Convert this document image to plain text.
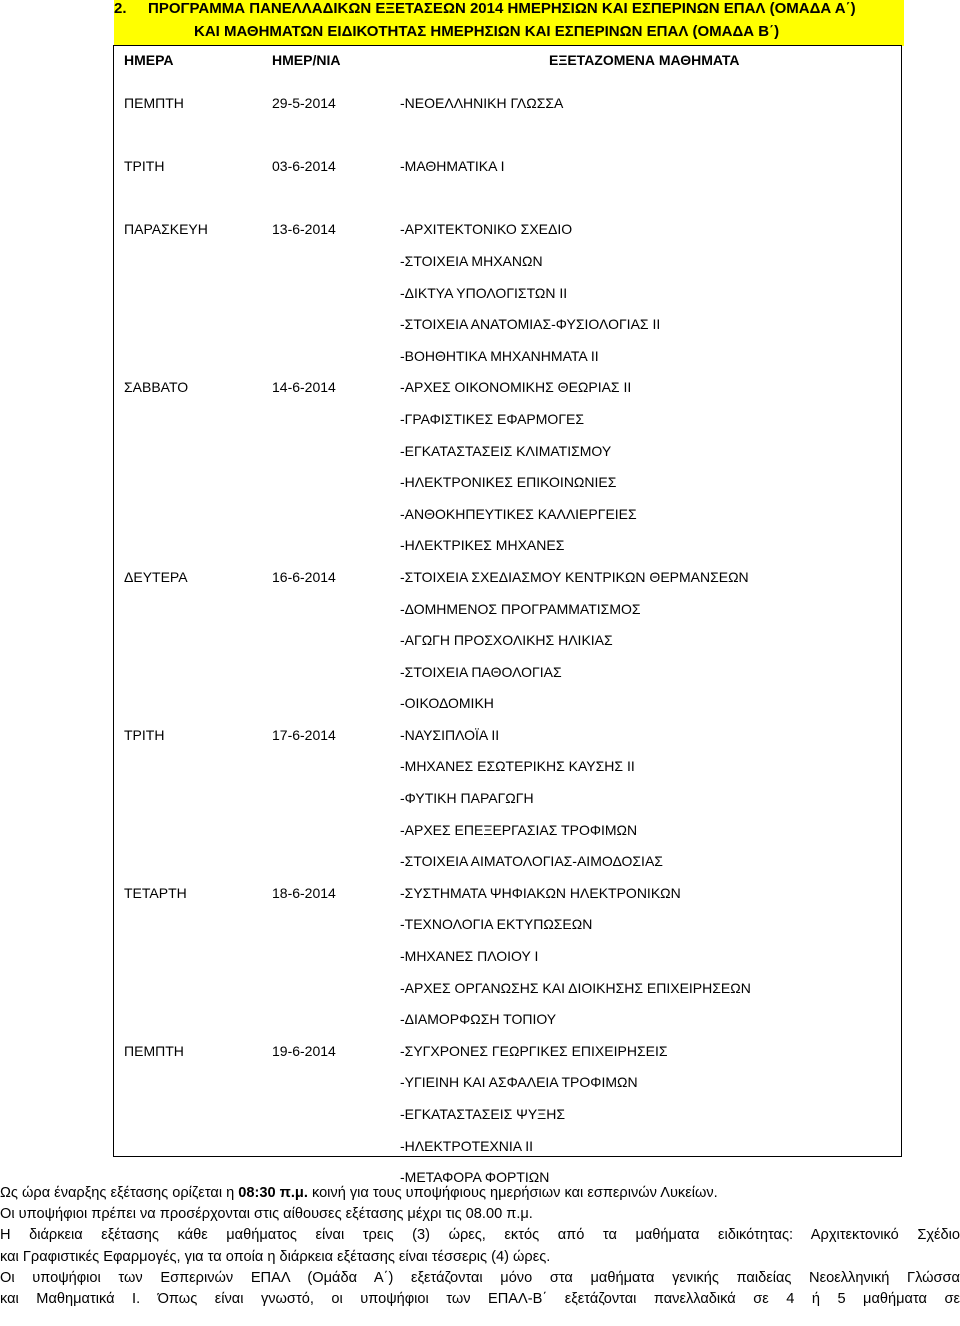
2. ΠΡΟΓΡΑΜΜΑ ΠΑΝΕΛΛΑΔΙΚΩΝ ΕΞΕΤΑΣΕΩΝ 2014 ΗΜΕΡΗΣΙΩΝ ΚΑΙ ΕΣΠΕΡΙΝΩΝ ΕΠΑΛ (ΟΜΑΔΑ Α΄)
ΚΑΙ ΜΑΘΗΜΑΤΩΝ ΕΙΔΙΚΟΤΗΤΑΣ ΗΜΕΡΗΣΙΩΝ ΚΑΙ ΕΣΠΕΡΙΝΩΝ ΕΠΑΛ (ΟΜΑΔΑ Β΄)
ΗΜΕΡΑ	ΗΜΕΡ/ΝΙΑ	ΕΞΕΤΑΖΟΜΕΝΑ ΜΑΘΗΜΑΤΑ
ΠΕΜΠΤΗ	29-5-2014	-ΝΕΟΕΛΛΗΝΙΚΗ ΓΛΩΣΣΑ
ΤΡΙΤΗ	03-6-2014	-ΜΑΘΗΜΑΤΙΚΑ Ι
ΠΑΡΑΣΚΕΥΗ	13-6-2014	-ΑΡΧΙΤΕΚΤΟΝΙΚΟ ΣΧΕΔΙΟ
-ΣΤΟΙΧΕΙΑ ΜΗΧΑΝΩΝ
-ΔΙΚΤΥΑ ΥΠΟΛΟΓΙΣΤΩΝ ΙΙ
-ΣΤΟΙΧΕΙΑ ΑΝΑΤΟΜΙΑΣ-ΦΥΣΙΟΛΟΓΙΑΣ ΙΙ
-ΒΟΗΘΗΤΙΚΑ ΜΗΧΑΝΗΜΑΤΑ ΙΙ
ΣΑΒΒΑΤΟ	14-6-2014	-ΑΡΧΕΣ ΟΙΚΟΝΟΜΙΚΗΣ ΘΕΩΡΙΑΣ ΙΙ
-ΓΡΑΦΙΣΤΙΚΕΣ ΕΦΑΡΜΟΓΕΣ
-ΕΓΚΑΤΑΣΤΑΣΕΙΣ ΚΛΙΜΑΤΙΣΜΟΥ
-ΗΛΕΚΤΡΟΝΙΚΕΣ ΕΠΙΚΟΙΝΩΝΙΕΣ
-ΑΝΘΟΚΗΠΕΥΤΙΚΕΣ ΚΑΛΛΙΕΡΓΕΙΕΣ
-ΗΛΕΚΤΡΙΚΕΣ ΜΗΧΑΝΕΣ
ΔΕΥΤΕΡΑ	16-6-2014	-ΣΤΟΙΧΕΙΑ ΣΧΕΔΙΑΣΜΟΥ ΚΕΝΤΡΙΚΩΝ ΘΕΡΜΑΝΣΕΩΝ
-ΔΟΜΗΜΕΝΟΣ ΠΡΟΓΡΑΜΜΑΤΙΣΜΟΣ
-ΑΓΩΓΗ ΠΡΟΣΧΟΛΙΚΗΣ ΗΛΙΚΙΑΣ
-ΣΤΟΙΧΕΙΑ ΠΑΘΟΛΟΓΙΑΣ
-ΟΙΚΟΔΟΜΙΚΗ
ΤΡΙΤΗ	17-6-2014	-ΝΑΥΣΙΠΛΟΪΑ ΙΙ
-ΜΗΧΑΝΕΣ ΕΣΩΤΕΡΙΚΗΣ ΚΑΥΣΗΣ ΙΙ
-ΦΥΤΙΚΗ ΠΑΡΑΓΩΓΗ
-ΑΡΧΕΣ ΕΠΕΞΕΡΓΑΣΙΑΣ ΤΡΟΦΙΜΩΝ
-ΣΤΟΙΧΕΙΑ ΑΙΜΑΤΟΛΟΓΙΑΣ-ΑΙΜΟΔΟΣΙΑΣ
ΤΕΤΑΡΤΗ	18-6-2014	-ΣΥΣΤΗΜΑΤΑ ΨΗΦΙΑΚΩΝ ΗΛΕΚΤΡΟΝΙΚΩΝ
-ΤΕΧΝΟΛΟΓΙΑ ΕΚΤΥΠΩΣΕΩΝ
-ΜΗΧΑΝΕΣ ΠΛΟΙΟΥ Ι
-ΑΡΧΕΣ ΟΡΓΑΝΩΣΗΣ ΚΑΙ ΔΙΟΙΚΗΣΗΣ ΕΠΙΧΕΙΡΗΣΕΩΝ
-ΔΙΑΜΟΡΦΩΣΗ ΤΟΠΙΟΥ
ΠΕΜΠΤΗ	19-6-2014	-ΣΥΓΧΡΟΝΕΣ ΓΕΩΡΓΙΚΕΣ ΕΠΙΧΕΙΡΗΣΕΙΣ
-ΥΓΙΕΙΝΗ ΚΑΙ ΑΣΦΑΛΕΙΑ ΤΡΟΦΙΜΩΝ
-ΕΓΚΑΤΑΣΤΑΣΕΙΣ ΨΥΞΗΣ
-ΗΛΕΚΤΡΟΤΕΧΝΙΑ ΙΙ
-ΜΕΤΑΦΟΡΑ ΦΟΡΤΙΩΝ
Ως ώρα έναρξης εξέτασης ορίζεται η 08:30 π.μ. κοινή για τους υποψήφιους ημερήσιων και εσπερινών Λυκείων.
Οι υποψήφιοι πρέπει να προσέρχονται στις αίθουσες εξέτασης μέχρι τις 08.00 π.μ.
Η διάρκεια εξέτασης κάθε μαθήματος είναι τρεις (3) ώρες, εκτός από τα μαθήματα ειδικότητας: Αρχιτεκτονικό Σχέδιο
και Γραφιστικές Εφαρμογές, για τα οποία η διάρκεια εξέτασης είναι τέσσερις (4) ώρες.
Οι υποψήφιοι των Εσπερινών ΕΠΑΛ (Ομάδα Α΄) εξετάζονται μόνο στα μαθήματα γενικής παιδείας Νεοελληνική Γλώσσα
και Μαθηματικά Ι. Όπως είναι γνωστό, οι υποψήφιοι των ΕΠΑΛ-Β΄ εξετάζονται πανελλαδικά σε 4 ή 5 μαθήματα σε
